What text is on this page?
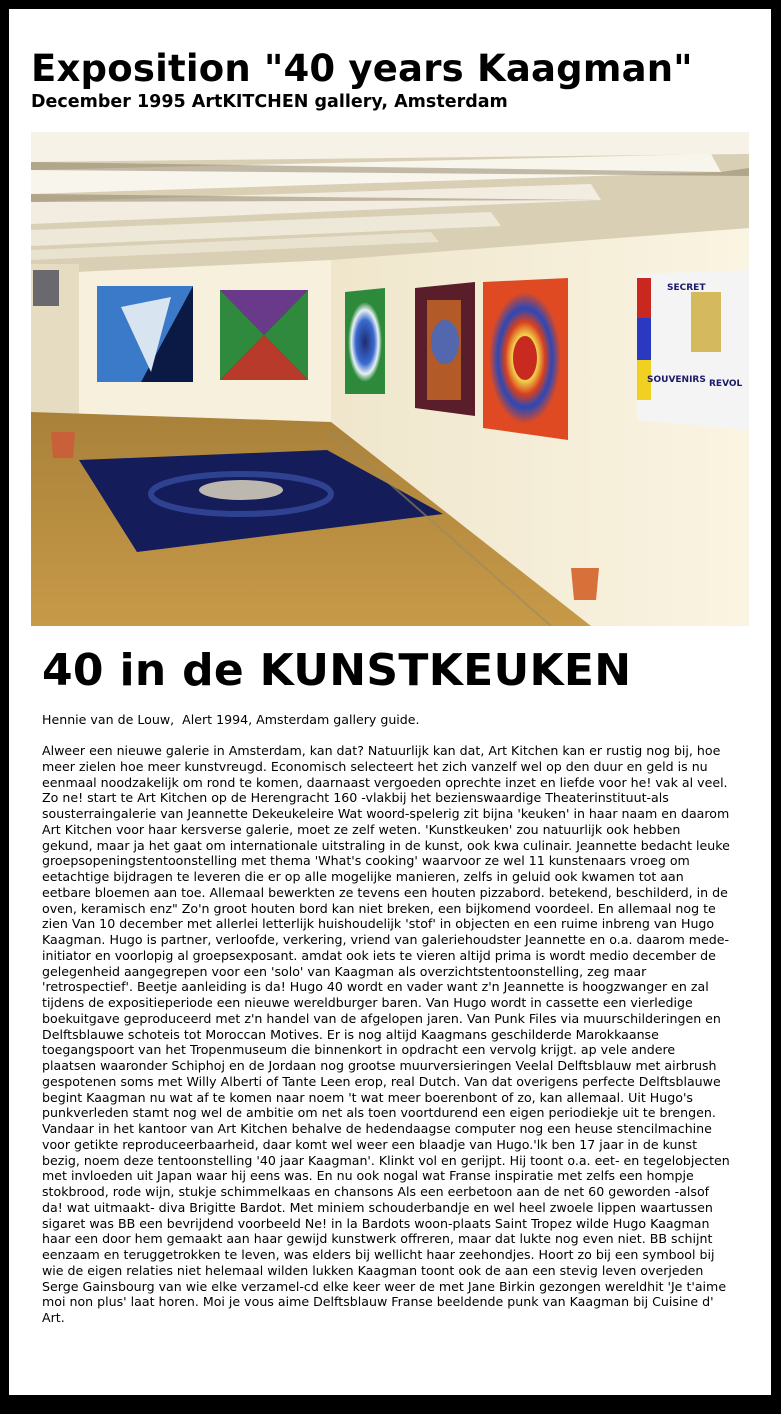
Exposition "40 years Kaagman"
December 1995 ArtKITCHEN gallery, Amsterdam
SECRET
SOUVENIRS REVOL
40 in de KUNSTKEUKEN

Hennie van de Louw,  Alert 1994, Amsterdam gallery guide.

Alweer een nieuwe galerie in Amsterdam, kan dat? Natuurlijk kan dat, Art Kitchen kan er rustig nog bij, hoe meer zielen hoe meer kunstvreugd. Economisch selecteert het zich vanzelf wel op den duur en geld is nu eenmaal noodzakelijk om rond te komen, daarnaast vergoeden oprechte inzet en liefde voor he! vak al veel. Zo ne! start te Art Kitchen op de Herengracht 160 -vlakbij het bezienswaardige Theaterinstituut-als sousterraingalerie van Jeannette Dekeukeleire Wat woord-spelerig zit bijna 'keuken' in haar naam en daarom Art Kitchen voor haar kersverse galerie, moet ze zelf weten. 'Kunstkeuken' zou natuurlijk ook hebben gekund, maar ja het gaat om internationale uitstraling in de kunst, ook kwa culinair. Jeannette bedacht leuke groepsopeningstentoonstelling met thema 'What's cooking' waarvoor ze wel 11 kunstenaars vroeg om eetachtige bijdragen te leveren die er op alle mogelijke manieren, zelfs in geluid ook kwamen tot aan eetbare bloemen aan toe. Allemaal bewerkten ze tevens een houten pizzabord. betekend, beschilderd, in de oven, keramisch enz" Zo'n groot houten bord kan niet breken, een bijkomend voordeel. En allemaal nog te zien Van 10 december met allerlei letterlijk huishoudelijk 'stof' in objecten en een ruime inbreng van Hugo Kaagman. Hugo is partner, verloofde, verkering, vriend van galeriehoudster Jeannette en o.a. daarom mede-initiator en voorlopig al groepsexposant. amdat ook iets te vieren altijd prima is wordt medio december de gelegenheid aangegrepen voor een 'solo' van Kaagman als overzichtstentoonstelling, zeg maar 'retrospectief'. Beetje aanleiding is da! Hugo 40 wordt en vader want z'n Jeannette is hoogzwanger en zal tijdens de expositieperiode een nieuwe wereldburger baren. Van Hugo wordt in cassette een vierledige boekuitgave geproduceerd met z'n handel van de afgelopen jaren. Van Punk Files via muurschilderingen en Delftsblauwe schoteis tot Moroccan Motives. Er is nog altijd Kaagmans geschilderde Marokkaanse toegangspoort van het Tropenmuseum die binnenkort in opdracht een vervolg krijgt. ap vele andere plaatsen waaronder Schiphoj en de Jordaan nog grootse muurversieringen Veelal Delftsblauw met airbrush gespotenen soms met Willy Alberti of Tante Leen erop, real Dutch. Van dat overigens perfecte Delftsblauwe begint Kaagman nu wat af te komen naar noem 't wat meer boerenbont of zo, kan allemaal. Uit Hugo's punkverleden stamt nog wel de ambitie om net als toen voortdurend een eigen periodiekje uit te brengen. Vandaar in het kantoor van Art Kitchen behalve de hedendaagse computer nog een heuse stencilmachine voor getikte reproduceerbaarheid, daar komt wel weer een blaadje van Hugo.'lk ben 17 jaar in de kunst bezig, noem deze tentoonstelling '40 jaar Kaagman'. Klinkt vol en gerijpt. Hij toont o.a. eet- en tegelobjecten met invloeden uit Japan waar hij eens was. En nu ook nogal wat Franse inspiratie met zelfs een hompje stokbrood, rode wijn, stukje schimmelkaas en chansons Als een eerbetoon aan de net 60 geworden -alsof da! wat uitmaakt- diva Brigitte Bardot. Met miniem schouderbandje en wel heel zwoele lippen waartussen sigaret was BB een bevrijdend voorbeeld Ne! in la Bardots woon-plaats Saint Tropez wilde Hugo Kaagman haar een door hem gemaakt aan haar gewijd kunstwerk offreren, maar dat lukte nog even niet. BB schijnt eenzaam en teruggetrokken te leven, was elders bij wellicht haar zeehondjes. Hoort zo bij een symbool bij wie de eigen relaties niet helemaal wilden lukken Kaagman toont ook de aan een stevig leven overjeden Serge Gainsbourg van wie elke verzamel-cd elke keer weer de met Jane Birkin gezongen wereldhit 'Je t'aime moi non plus' laat horen. Moi je vous aime Delftsblauw Franse beeldende punk van Kaagman bij Cuisine d' Art.
